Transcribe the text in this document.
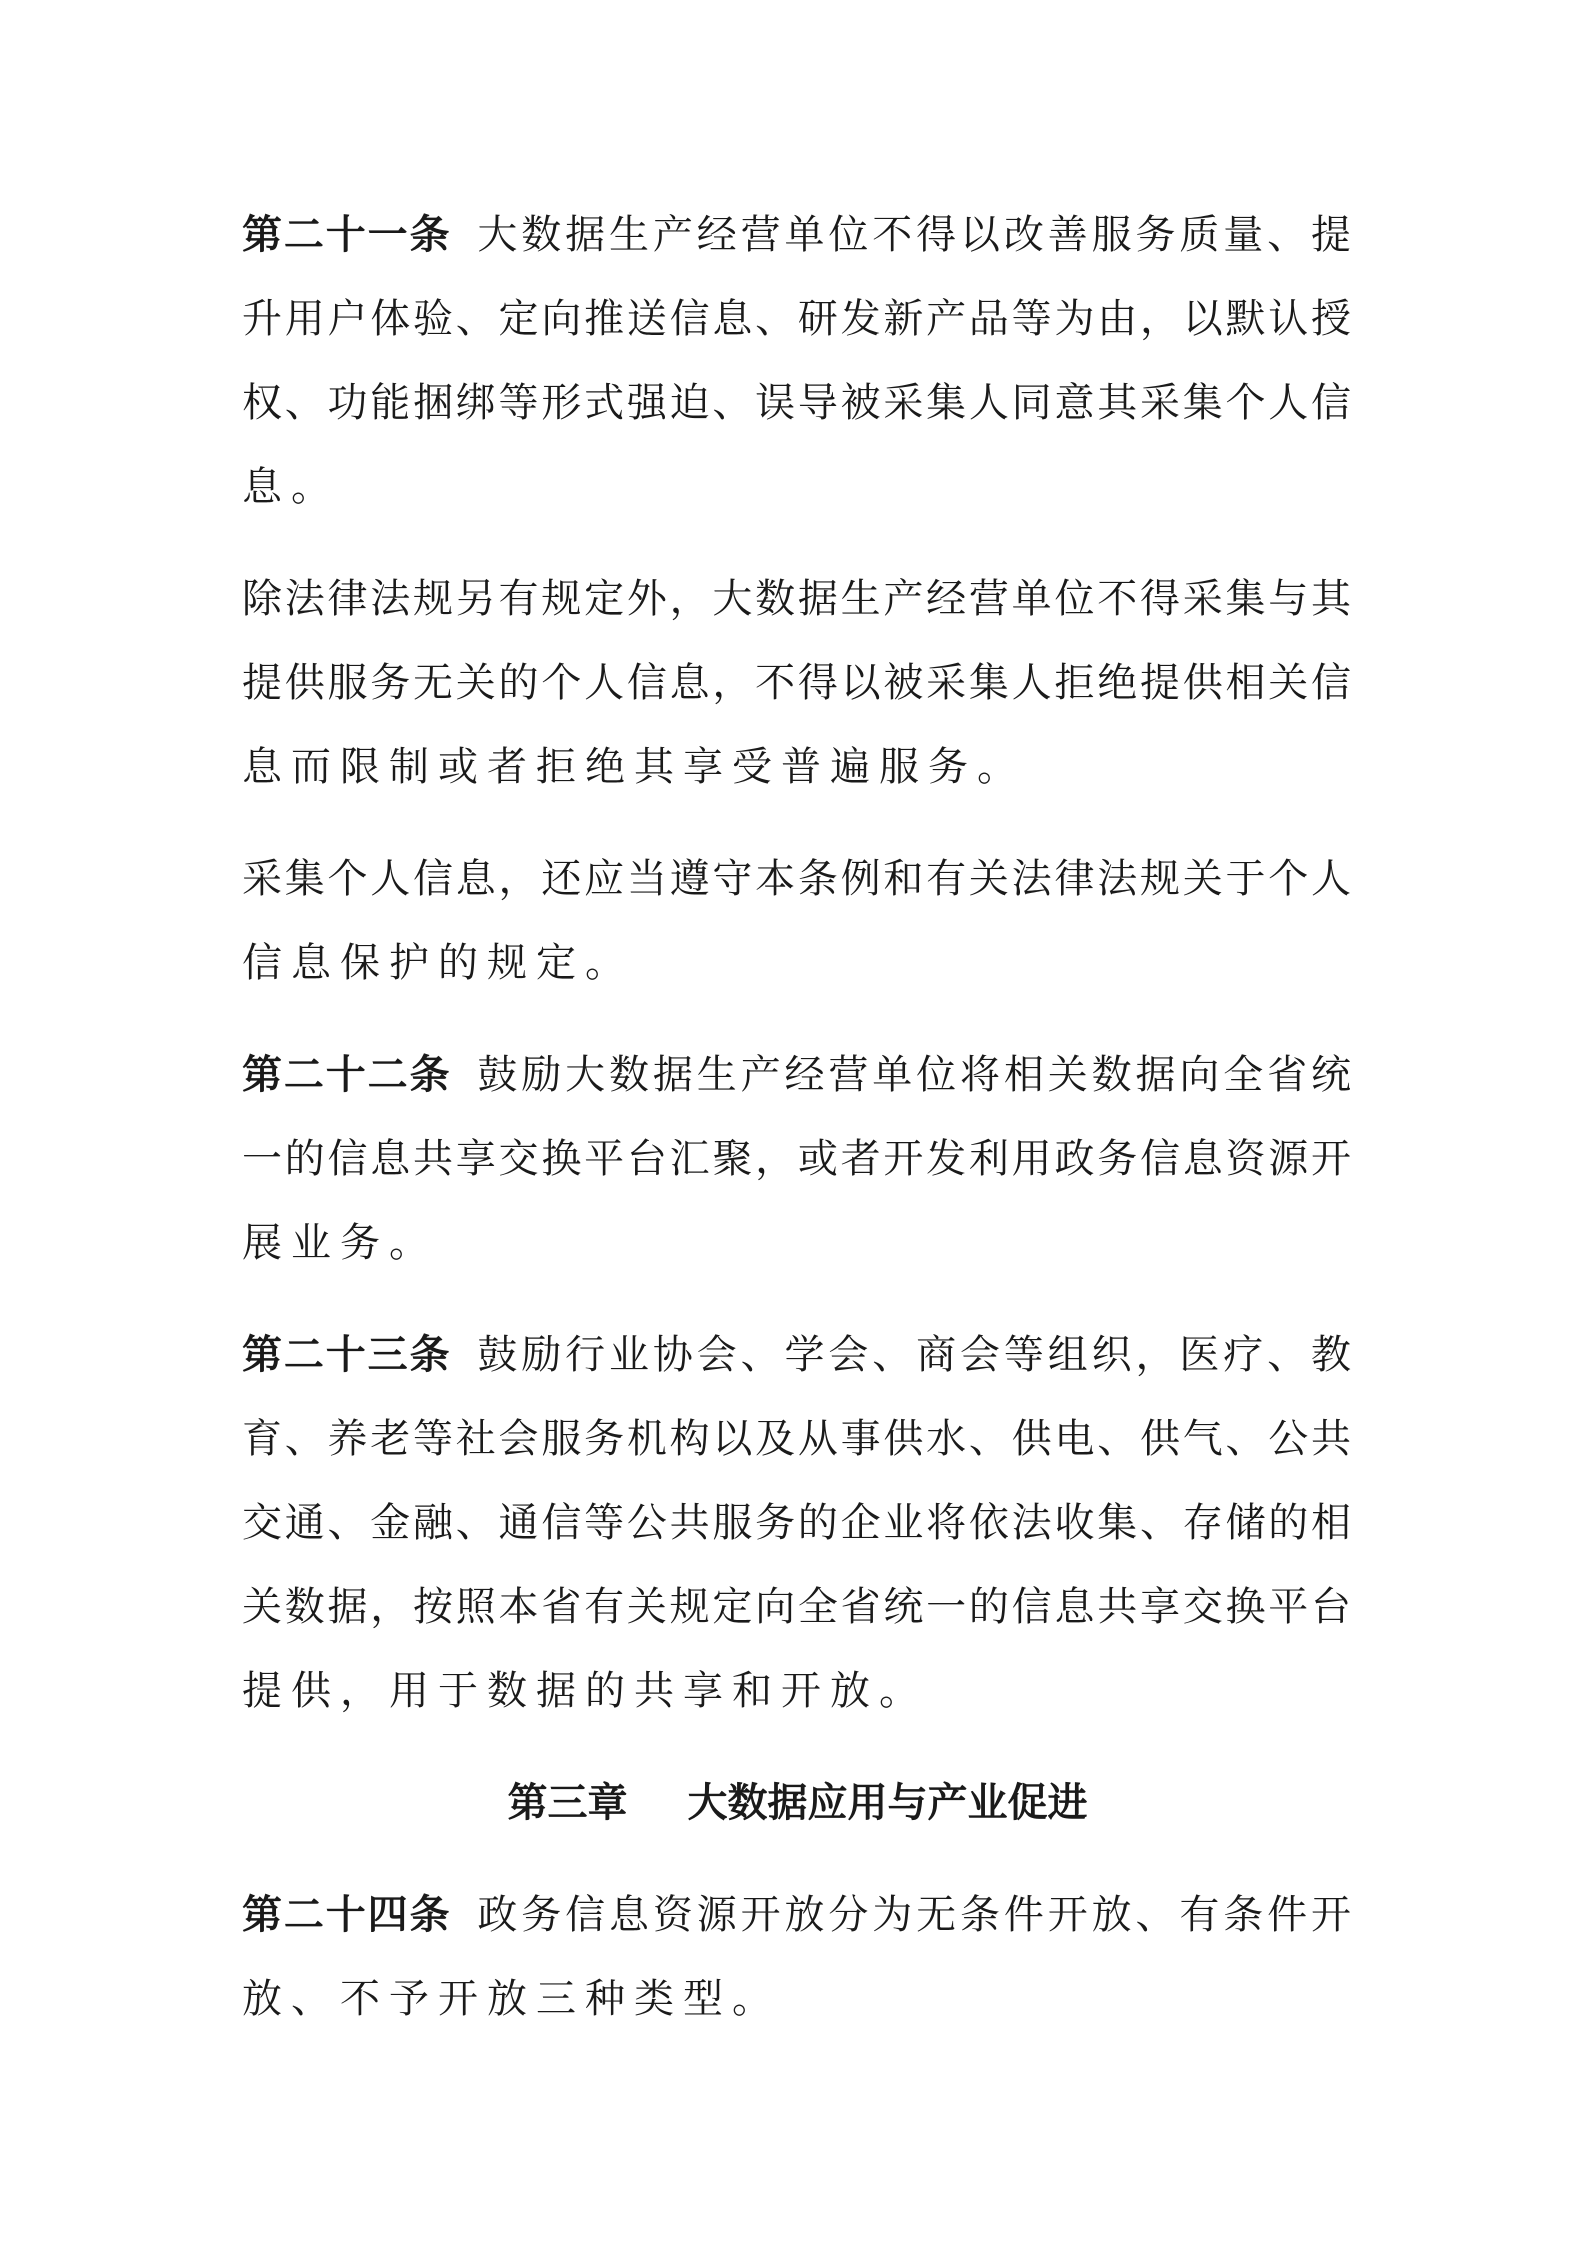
第二十一条 大数据生产经营单位不得以改善服务质量、提
升用户体验、定向推送信息、研发新产品等为由，以默认授
权、功能捆绑等形式强迫、误导被采集人同意其采集个人信
息。
除法律法规另有规定外，大数据生产经营单位不得采集与其
提供服务无关的个人信息，不得以被采集人拒绝提供相关信
息而限制或者拒绝其享受普遍服务。
采集个人信息，还应当遵守本条例和有关法律法规关于个人
信息保护的规定。
第二十二条 鼓励大数据生产经营单位将相关数据向全省统
一的信息共享交换平台汇聚，或者开发利用政务信息资源开
展业务。
第二十三条 鼓励行业协会、学会、商会等组织，医疗、教
育、养老等社会服务机构以及从事供水、供电、供气、公共
交通、金融、通信等公共服务的企业将依法收集、存储的相
关数据，按照本省有关规定向全省统一的信息共享交换平台
提供，用于数据的共享和开放。
第三章 大数据应用与产业促进
第二十四条 政务信息资源开放分为无条件开放、有条件开
放、不予开放三种类型。
